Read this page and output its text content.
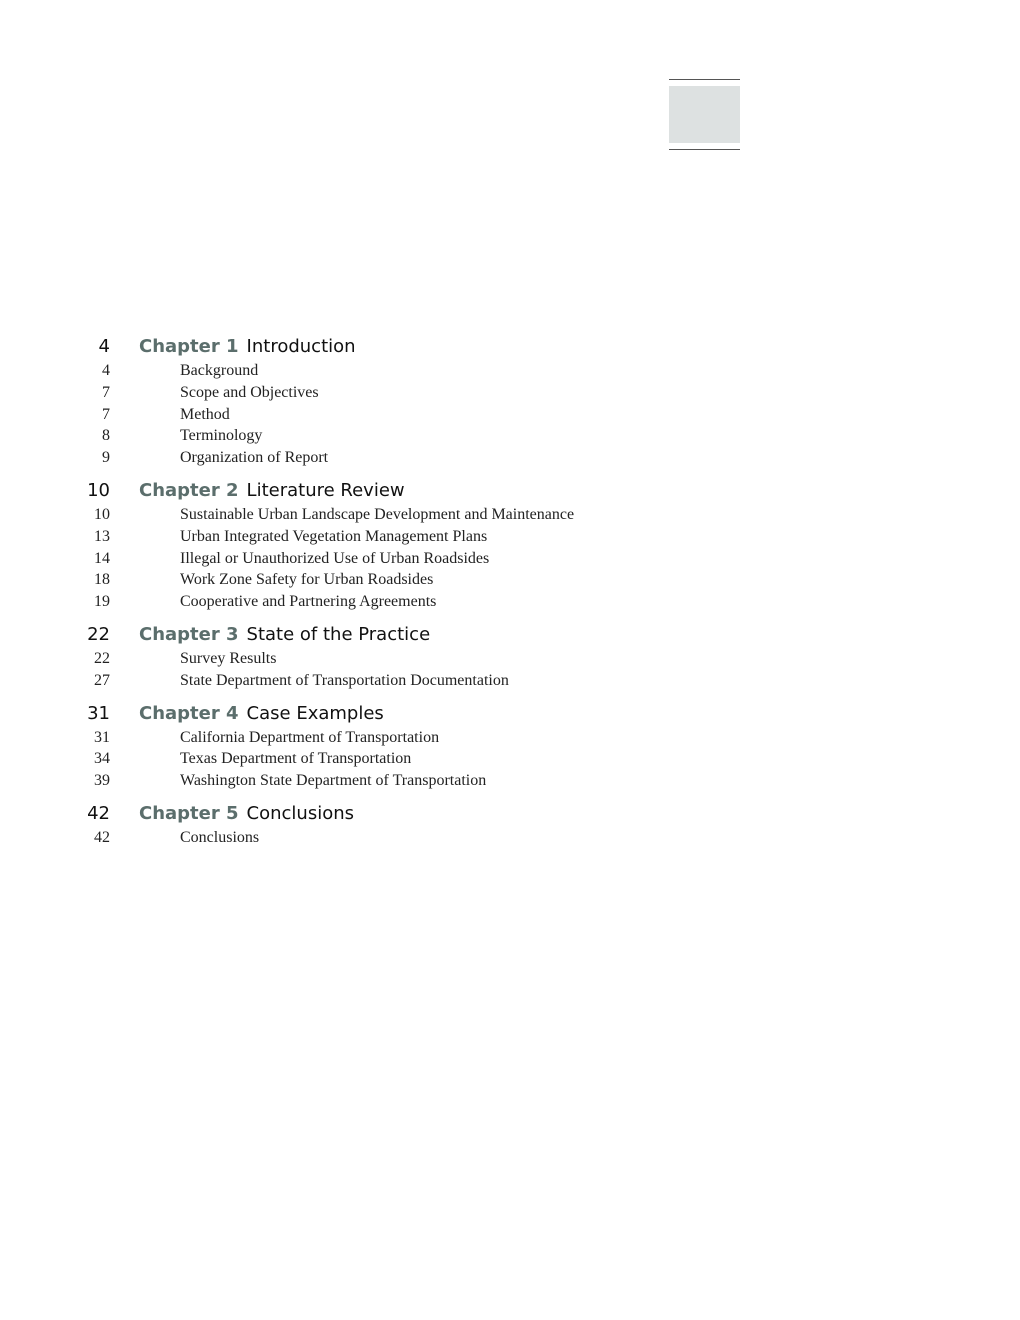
4 Chapter 1 Introduction
4	Background
7	Scope and Objectives
7	Method
8	Terminology
9	Organization of Report
10 Chapter 2 Literature Review
10	Sustainable Urban Landscape Development and Maintenance
13	Urban Integrated Vegetation Management Plans
14	Illegal or Unauthorized Use of Urban Roadsides
18	Work Zone Safety for Urban Roadsides
19	Cooperative and Partnering Agreements
22 Chapter 3 State of the Practice
22	Survey Results
27	State Department of Transportation Documentation
31 Chapter 4 Case Examples
31	California Department of Transportation
34	Texas Department of Transportation
39	Washington State Department of Transportation
42 Chapter 5 Conclusions
42	Conclusions
